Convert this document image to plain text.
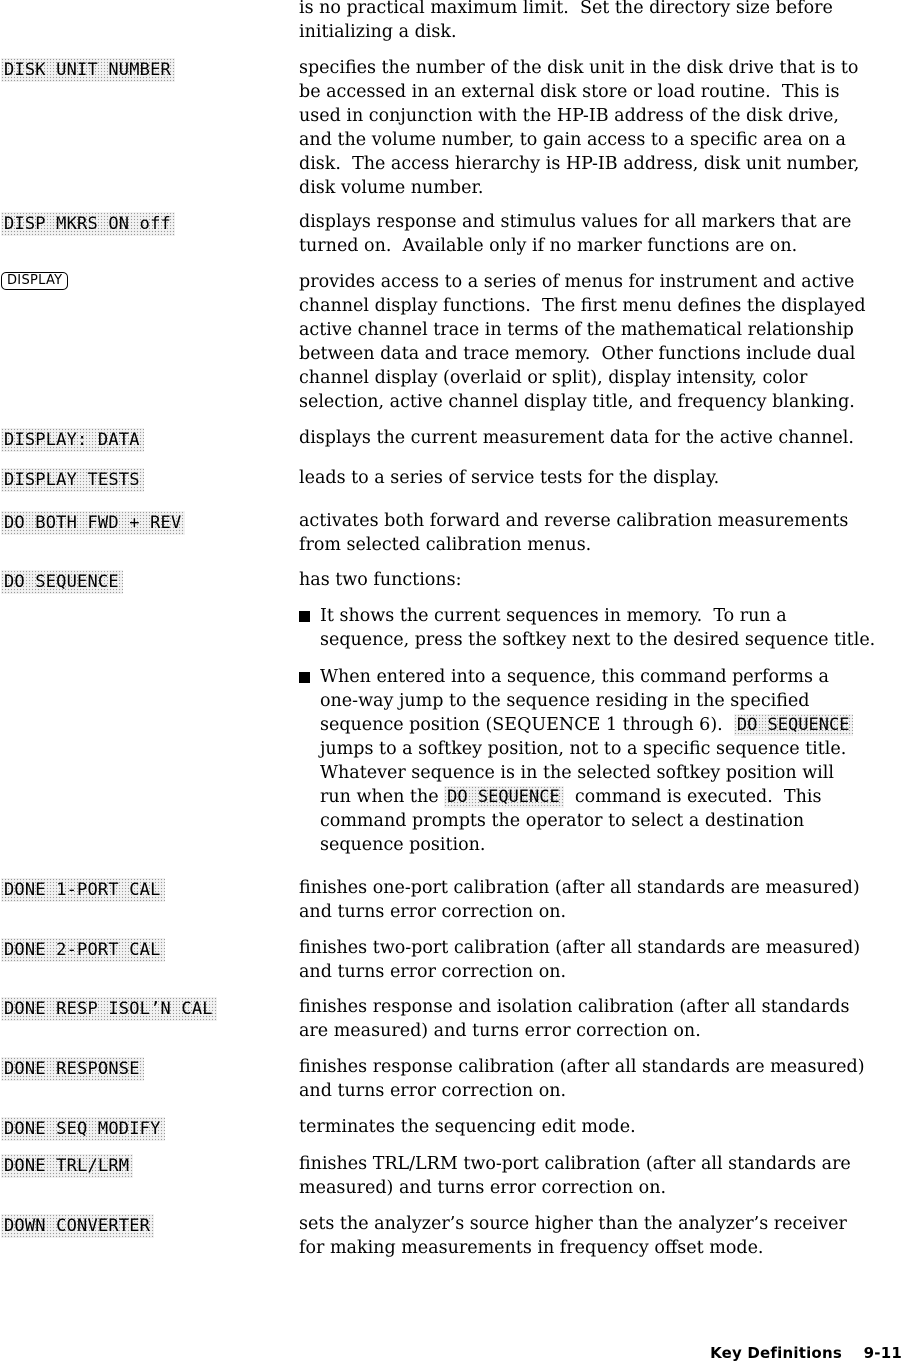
is no practical maximum limit.  Set the directory size before
initializing a disk.
DISK UNIT NUMBER	specifies the number of the disk unit in the disk drive that is to
be accessed in an external disk store or load routine.  This is
used in conjunction with the HP-IB address of the disk drive,
and the volume number, to gain access to a specific area on a
disk.  The access hierarchy is HP-IB address, disk unit number,
disk volume number.
DISP MKRS ON off	displays response and stimulus values for all markers that are
turned on.  Available only if no marker functions are on.
DISPLAY	provides access to a series of menus for instrument and active
channel display functions.  The first menu defines the displayed
active channel trace in terms of the mathematical relationship
between data and trace memory.  Other functions include dual
channel display (overlaid or split), display intensity, color
selection, active channel display title, and frequency blanking.
DISPLAY: DATA	displays the current measurement data for the active channel.
DISPLAY TESTS	leads to a series of service tests for the display.
DO BOTH FWD + REV	activates both forward and reverse calibration measurements
from selected calibration menus.
DO SEQUENCE	has two functions:
It shows the current sequences in memory.  To run a
sequence, press the softkey next to the desired sequence title.
When entered into a sequence, this command performs a
one-way jump to the sequence residing in the specified
sequence position (SEQUENCE 1 through 6).  DO SEQUENCE
jumps to a softkey position, not to a specific sequence title.
Whatever sequence is in the selected softkey position will
run when the DO SEQUENCE  command is executed.  This
command prompts the operator to select a destination
sequence position.
DONE 1-PORT CAL	finishes one-port calibration (after all standards are measured)
and turns error correction on.
DONE 2-PORT CAL	finishes two-port calibration (after all standards are measured)
and turns error correction on.
DONE RESP ISOL’N CAL	finishes response and isolation calibration (after all standards
are measured) and turns error correction on.
DONE RESPONSE	finishes response calibration (after all standards are measured)
and turns error correction on.
DONE SEQ MODIFY	terminates the sequencing edit mode.
DONE TRL/LRM	finishes TRL/LRM two-port calibration (after all standards are
measured) and turns error correction on.
DOWN CONVERTER	sets the analyzer’s source higher than the analyzer’s receiver
for making measurements in frequency offset mode.
Key Definitions 9-11
